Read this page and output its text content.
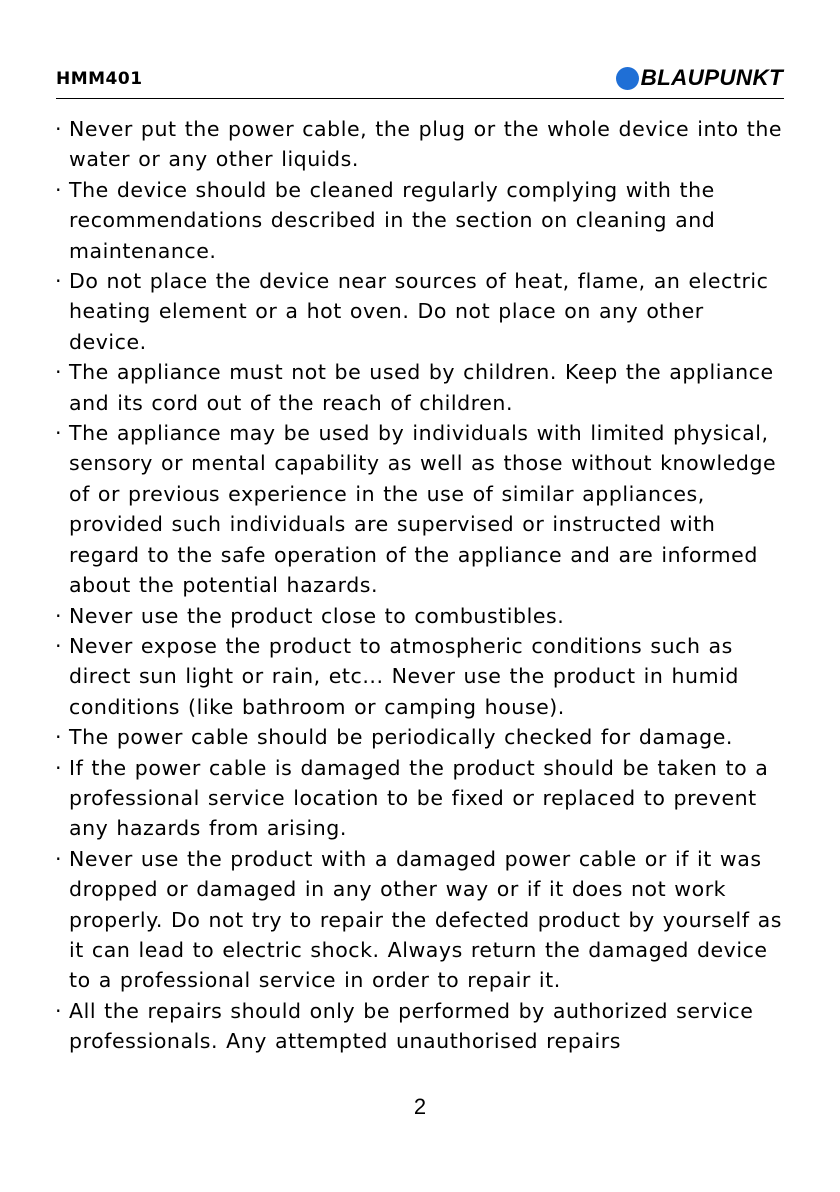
HMM401	BLAUPUNKT
· Never put the power cable, the plug or the whole device into the water or any other liquids.
· The device should be cleaned regularly complying with the recommendations described in the section on cleaning and maintenance.
· Do not place the device near sources of heat, flame, an electric heating element or a hot oven. Do not place on any other device.
· The appliance must not be used by children. Keep the appliance and its cord out of the reach of children.
· The appliance may be used by individuals with limited physical, sensory or mental capability as well as those without knowledge of or previous experience in the use of similar appliances, provided such individuals are supervised or instructed with regard to the safe operation of the appliance and are informed about the potential hazards.
· Never use the product close to combustibles.
· Never expose the product to atmospheric conditions such as direct sun light or rain, etc... Never use the product in humid conditions (like bathroom or camping house).
· The power cable should be periodically checked for damage.
· If the power cable is damaged the product should be taken to a professional service location to be fixed or replaced to prevent any hazards from arising.
· Never use the product with a damaged power cable or if it was dropped or damaged in any other way or if it does not work properly. Do not try to repair the defected product by yourself as it can lead to electric shock. Always return the damaged device to a professional service in order to repair it.
· All the repairs should only be performed by authorized service professionals. Any attempted unauthorised repairs
2
